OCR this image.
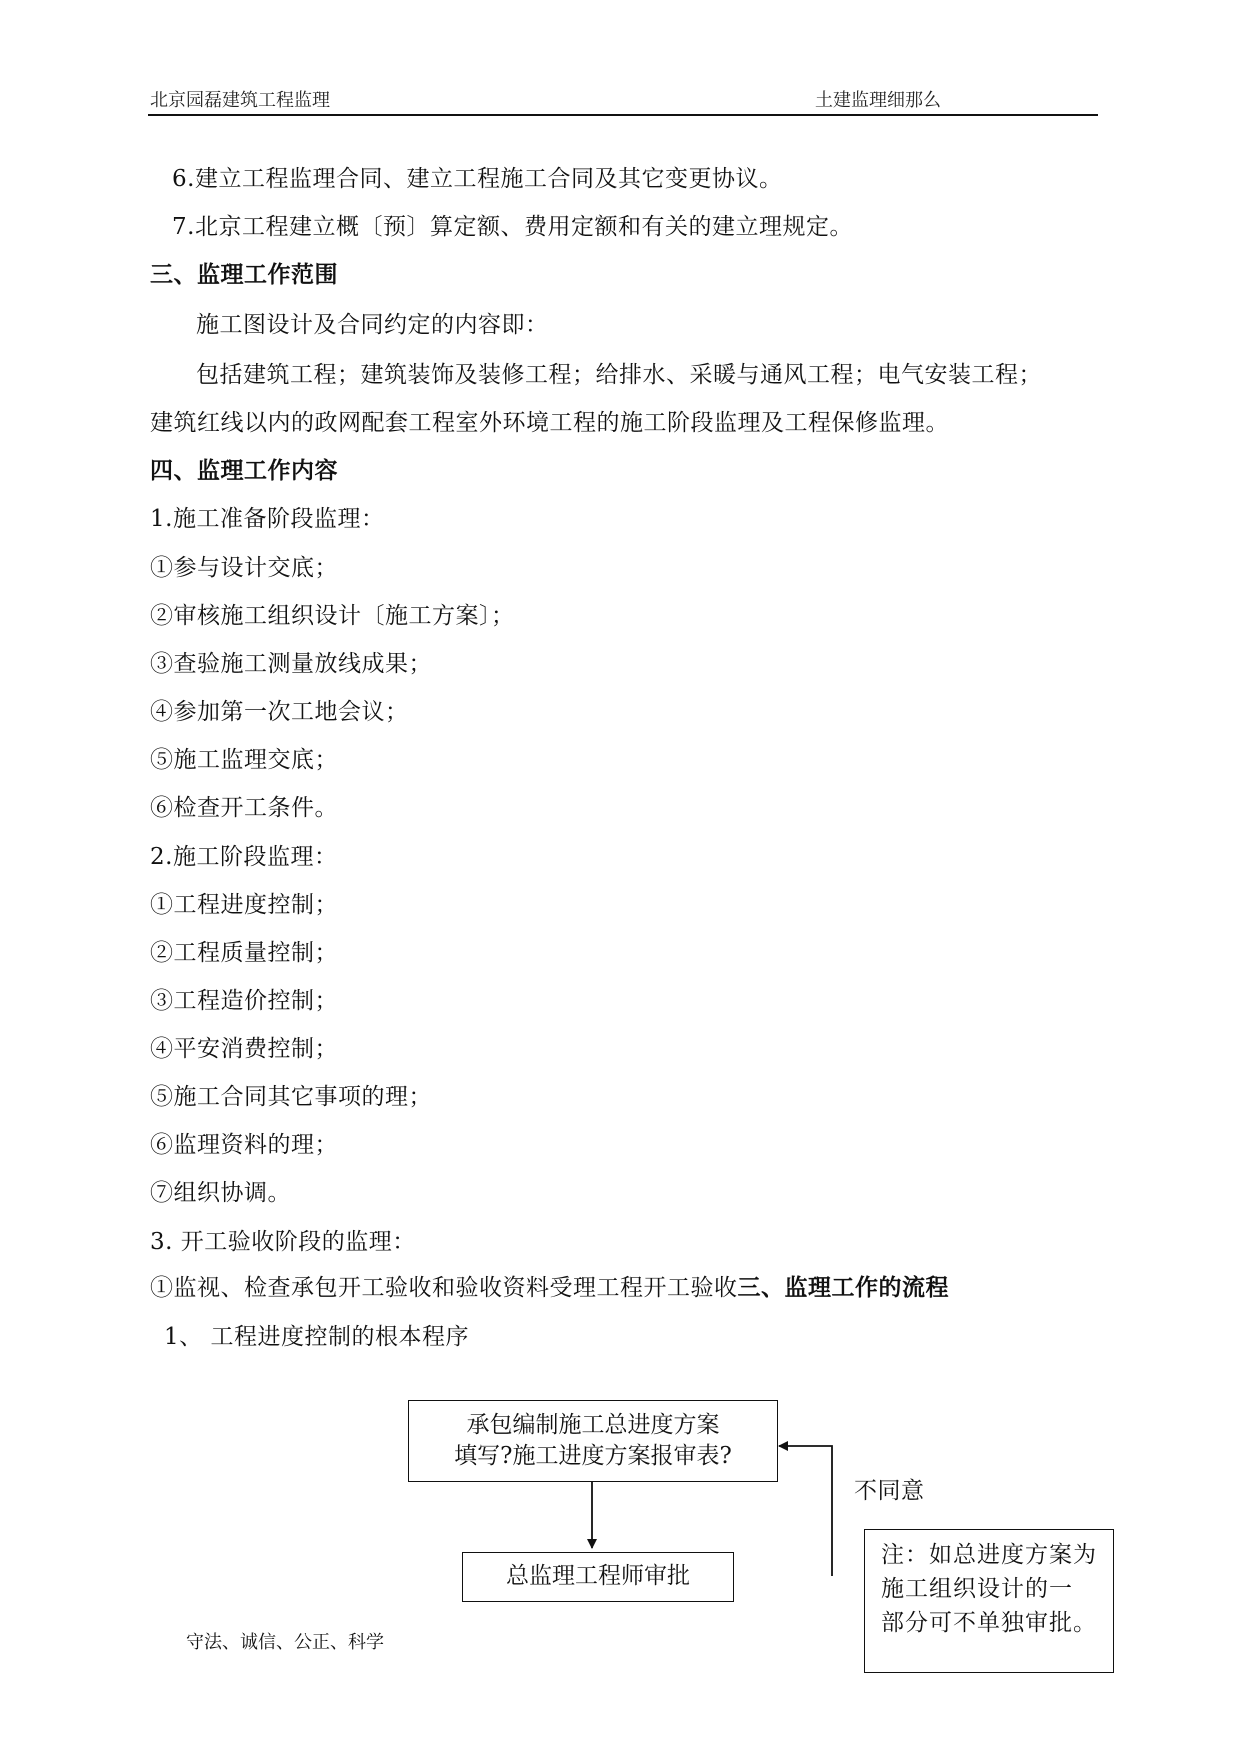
北京园磊建筑工程监理	土建监理细那么
6.建立工程监理合同、建立工程施工合同及其它变更协议。
7.北京工程建立概〔预〕算定额、费用定额和有关的建立理规定。
三、监理工作范围
施工图设计及合同约定的内容即：
包括建筑工程；建筑装饰及装修工程；给排水、采暖与通风工程；电气安装工程；
建筑红线以内的政网配套工程室外环境工程的施工阶段监理及工程保修监理。
四、监理工作内容
1.施工准备阶段监理：
①参与设计交底；
②审核施工组织设计〔施工方案〕；
③查验施工测量放线成果；
④参加第一次工地会议；
⑤施工监理交底；
⑥检查开工条件。
2.施工阶段监理：
①工程进度控制；
②工程质量控制；
③工程造价控制；
④平安消费控制；
⑤施工合同其它事项的理；
⑥监理资料的理；
⑦组织协调。
3. 开工验收阶段的监理：
①监视、检查承包开工验收和验收资料受理工程开工验收三、监理工作的流程
1、 工程进度控制的根本程序
承包编制施工总进度方案
填写?施工进度方案报审表?
总监理工程师审批
不同意
注：如总进度方案为
施工组织设计的一
部分可不单独审批。
守法、诚信、公正、科学
